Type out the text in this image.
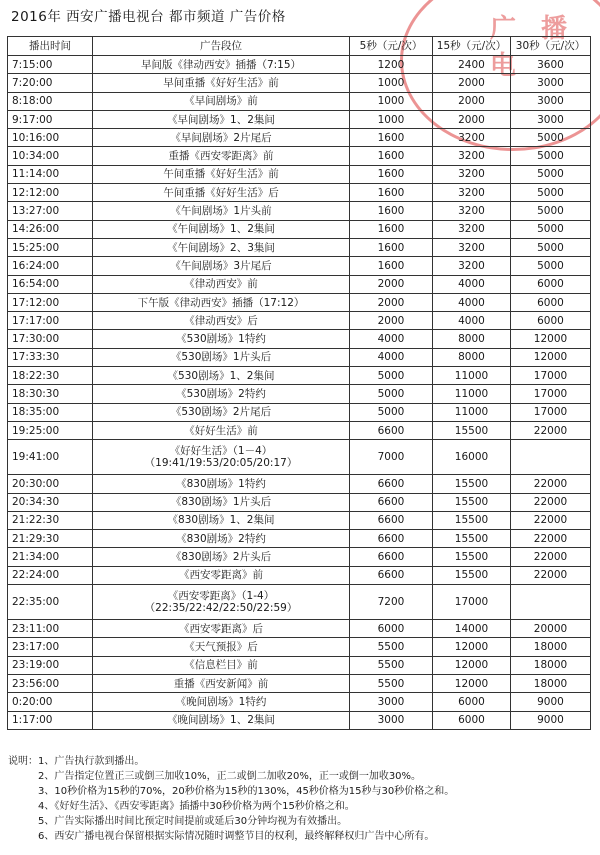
广 播 电
2016年 西安广播电视台 都市频道 广告价格
播出时间	广告段位	5秒（元/次）	15秒（元/次）	30秒（元/次）
7:15:00	早间版《律动西安》插播（7:15）	1200	2400	3600
7:20:00	早间重播《好好生活》前	1000	2000	3000
8:18:00	《早间剧场》前	1000	2000	3000
9:17:00	《早间剧场》1、2集间	1000	2000	3000
10:16:00	《早间剧场》2片尾后	1600	3200	5000
10:34:00	重播《西安零距离》前	1600	3200	5000
11:14:00	午间重播《好好生活》前	1600	3200	5000
12:12:00	午间重播《好好生活》后	1600	3200	5000
13:27:00	《午间剧场》1片头前	1600	3200	5000
14:26:00	《午间剧场》1、2集间	1600	3200	5000
15:25:00	《午间剧场》2、3集间	1600	3200	5000
16:24:00	《午间剧场》3片尾后	1600	3200	5000
16:54:00	《律动西安》前	2000	4000	6000
17:12:00	下午版《律动西安》插播（17:12）	2000	4000	6000
17:17:00	《律动西安》后	2000	4000	6000
17:30:00	《530剧场》1特约	4000	8000	12000
17:33:30	《530剧场》1片头后	4000	8000	12000
18:22:30	《530剧场》1、2集间	5000	11000	17000
18:30:30	《530剧场》2特约	5000	11000	17000
18:35:00	《530剧场》2片尾后	5000	11000	17000
19:25:00	《好好生活》前	6600	15500	22000
19:41:00	《好好生活》（1－4）
（19:41/19:53/20:05/20:17）	7000	16000	
20:30:00	《830剧场》1特约	6600	15500	22000
20:34:30	《830剧场》1片头后	6600	15500	22000
21:22:30	《830剧场》1、2集间	6600	15500	22000
21:29:30	《830剧场》2特约	6600	15500	22000
21:34:00	《830剧场》2片头后	6600	15500	22000
22:24:00	《西安零距离》前	6600	15500	22000
22:35:00	《西安零距离》（1-4）
（22:35/22:42/22:50/22:59）	7200	17000	
23:11:00	《西安零距离》后	6000	14000	20000
23:17:00	《天气预报》后	5500	12000	18000
23:19:00	《信息栏目》前	5500	12000	18000
23:56:00	重播《西安新闻》前	5500	12000	18000
0:20:00	《晚间剧场》1特约	3000	6000	9000
1:17:00	《晚间剧场》1、2集间	3000	6000	9000
说明：1、广告执行款到播出。
2、广告指定位置正三或倒三加收10%，正二或倒二加收20%，正一或倒一加收30%。
3、10秒价格为15秒的70%，20秒价格为15秒的130%，45秒价格为15秒与30秒价格之和。
4、《好好生活》、《西安零距离》插播中30秒价格为两个15秒价格之和。
5、广告实际播出时间比预定时间提前或延后30分钟均视为有效播出。
6、西安广播电视台保留根据实际情况随时调整节目的权利，最终解释权归广告中心所有。
